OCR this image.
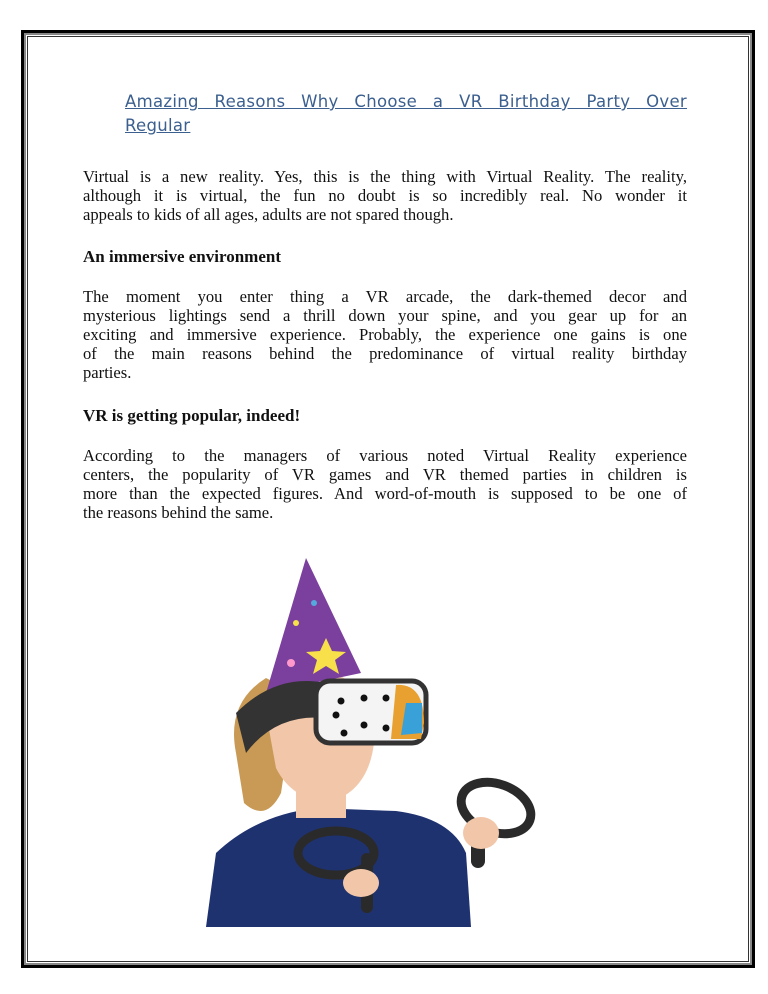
Amazing Reasons Why Choose a VR Birthday Party Over
Regular
Virtual is a new reality. Yes, this is the thing with Virtual Reality. The reality,
although it is virtual, the fun no doubt is so incredibly real. No wonder it
appeals to kids of all ages, adults are not spared though.
An immersive environment
The moment you enter thing a VR arcade, the dark-themed decor and
mysterious lightings send a thrill down your spine, and you gear up for an
exciting and immersive experience. Probably, the experience one gains is one
of the main reasons behind the predominance of virtual reality birthday
parties.
VR is getting popular, indeed!
According to the managers of various noted Virtual Reality experience
centers, the popularity of VR games and VR themed parties in children is
more than the expected figures. And word-of-mouth is supposed to be one of
the reasons behind the same.
